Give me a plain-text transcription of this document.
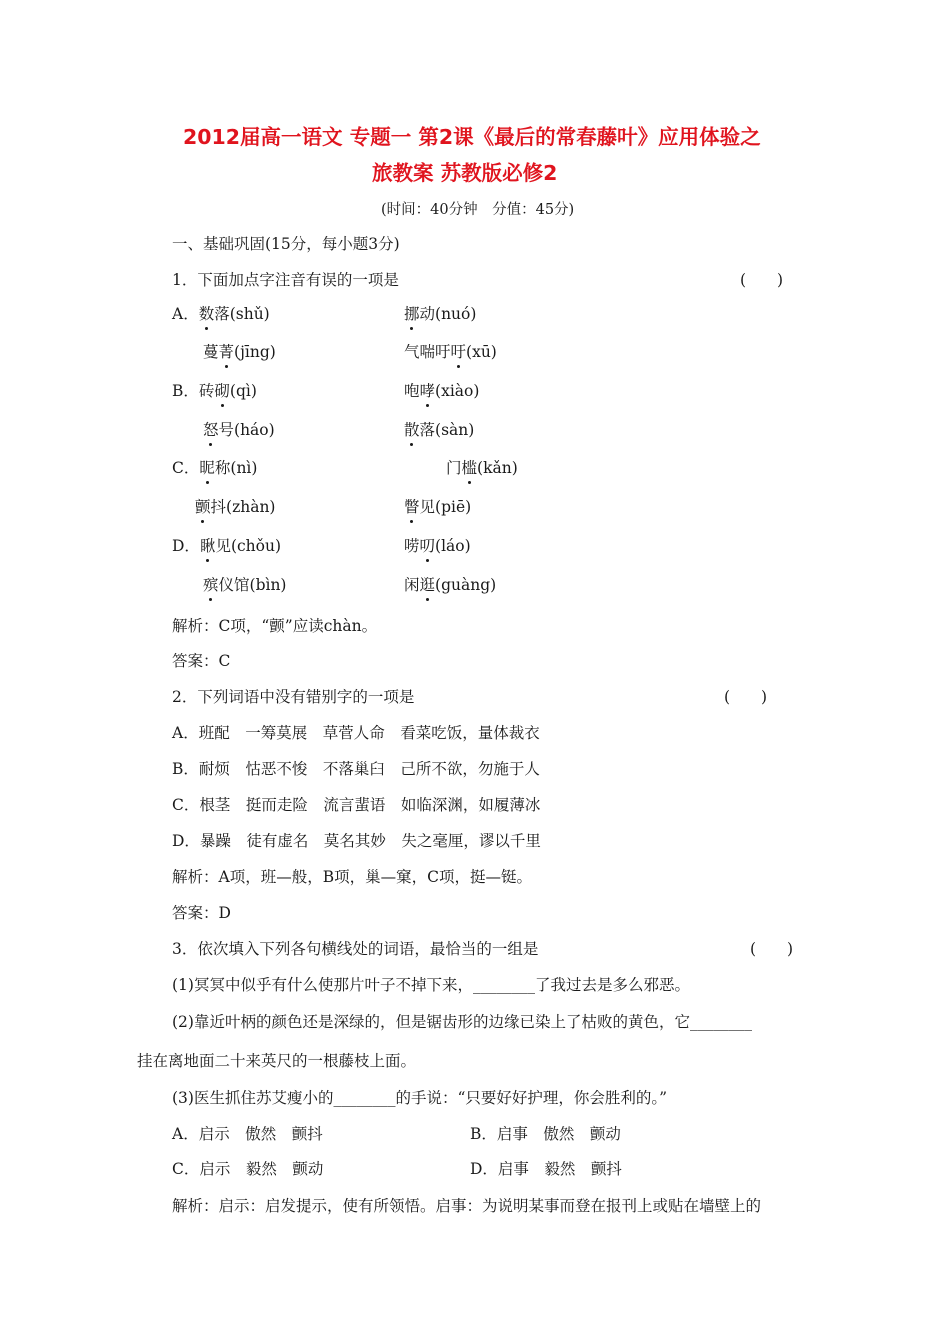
2012届高一语文 专题一 第2课《最后的常春藤叶》应用体验之
旅教案 苏教版必修2
(时间：40分钟　分值：45分)
一、基础巩固(15分，每小题3分)
1．下面加点字注音有误的一项是	(　　)
A．数落(shǔ)	挪动(nuó)
蔓菁(jīng)	气喘吁吁(xū)
B．砖砌(qì)	咆哮(xiào)
怒号(háo)	散落(sàn)
C．昵称(nì)	门槛(kǎn)
颤抖(zhàn)	瞥见(piē)
D．瞅见(chǒu)	唠叨(láo)
殡仪馆(bìn)	闲逛(guàng)
解析：C项，“颤”应读chàn。
答案：C
2．下列词语中没有错别字的一项是	(　　)
A．班配　一筹莫展　草菅人命　看菜吃饭，量体裁衣
B．耐烦　怙恶不悛　不落巢臼　己所不欲，勿施于人
C．根茎　挺而走险　流言蜚语　如临深渊，如履薄冰
D．暴躁　徒有虚名　莫名其妙　失之毫厘，谬以千里
解析：A项，班—般，B项，巢—窠，C项，挺—铤。
答案：D
3．依次填入下列各句横线处的词语，最恰当的一组是	(　　)
(1)冥冥中似乎有什么使那片叶子不掉下来，________了我过去是多么邪恶。
(2)靠近叶柄的颜色还是深绿的，但是锯齿形的边缘已染上了枯败的黄色，它________
挂在离地面二十来英尺的一根藤枝上面。
(3)医生抓住苏艾瘦小的________的手说：“只要好好护理，你会胜利的。”
A．启示　傲然　颤抖	B．启事　傲然　颤动
C．启示　毅然　颤动	D．启事　毅然　颤抖
解析：启示：启发提示，使有所领悟。启事：为说明某事而登在报刊上或贴在墙壁上的
